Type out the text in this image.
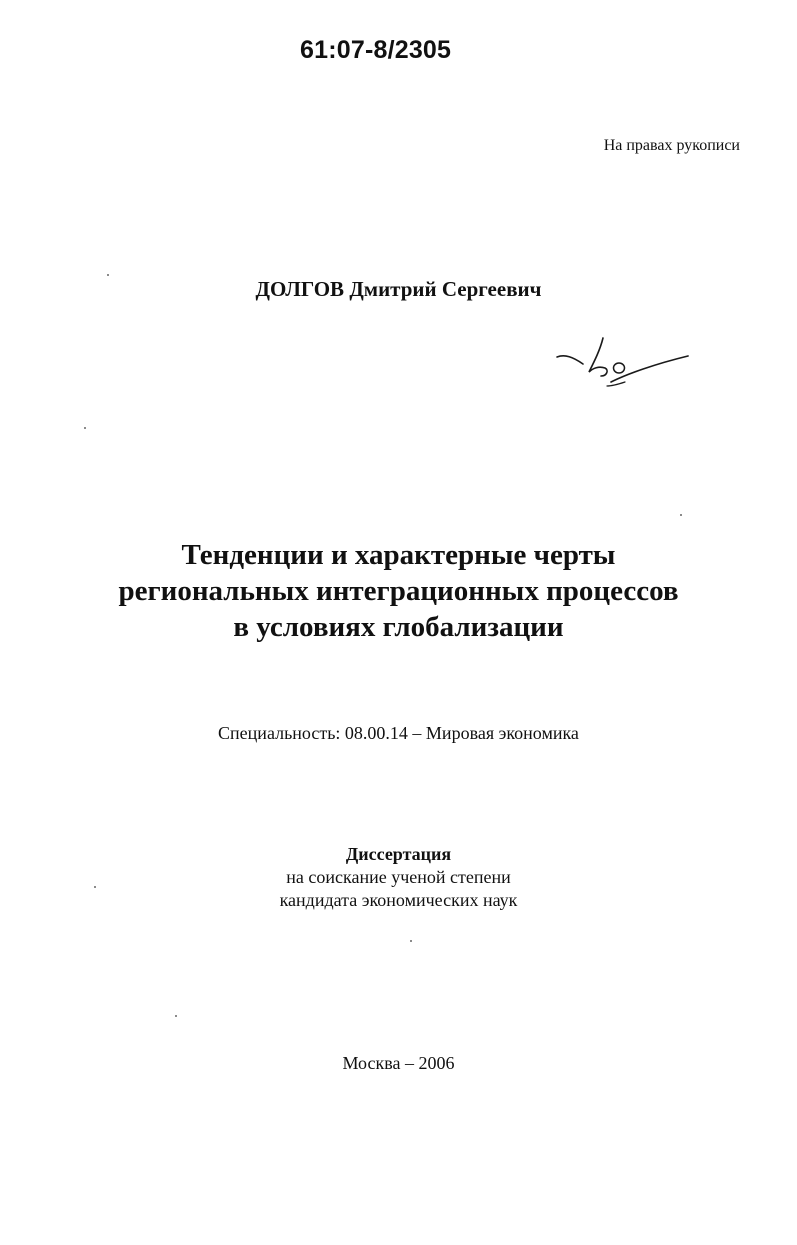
61:07-8/2305
На правах рукописи
ДОЛГОВ Дмитрий Сергеевич
Тенденции и характерные черты
региональных интеграционных процессов
в условиях глобализации
Специальность: 08.00.14 – Мировая экономика
Диссертация
на соискание ученой степени
кандидата экономических наук
Москва – 2006
